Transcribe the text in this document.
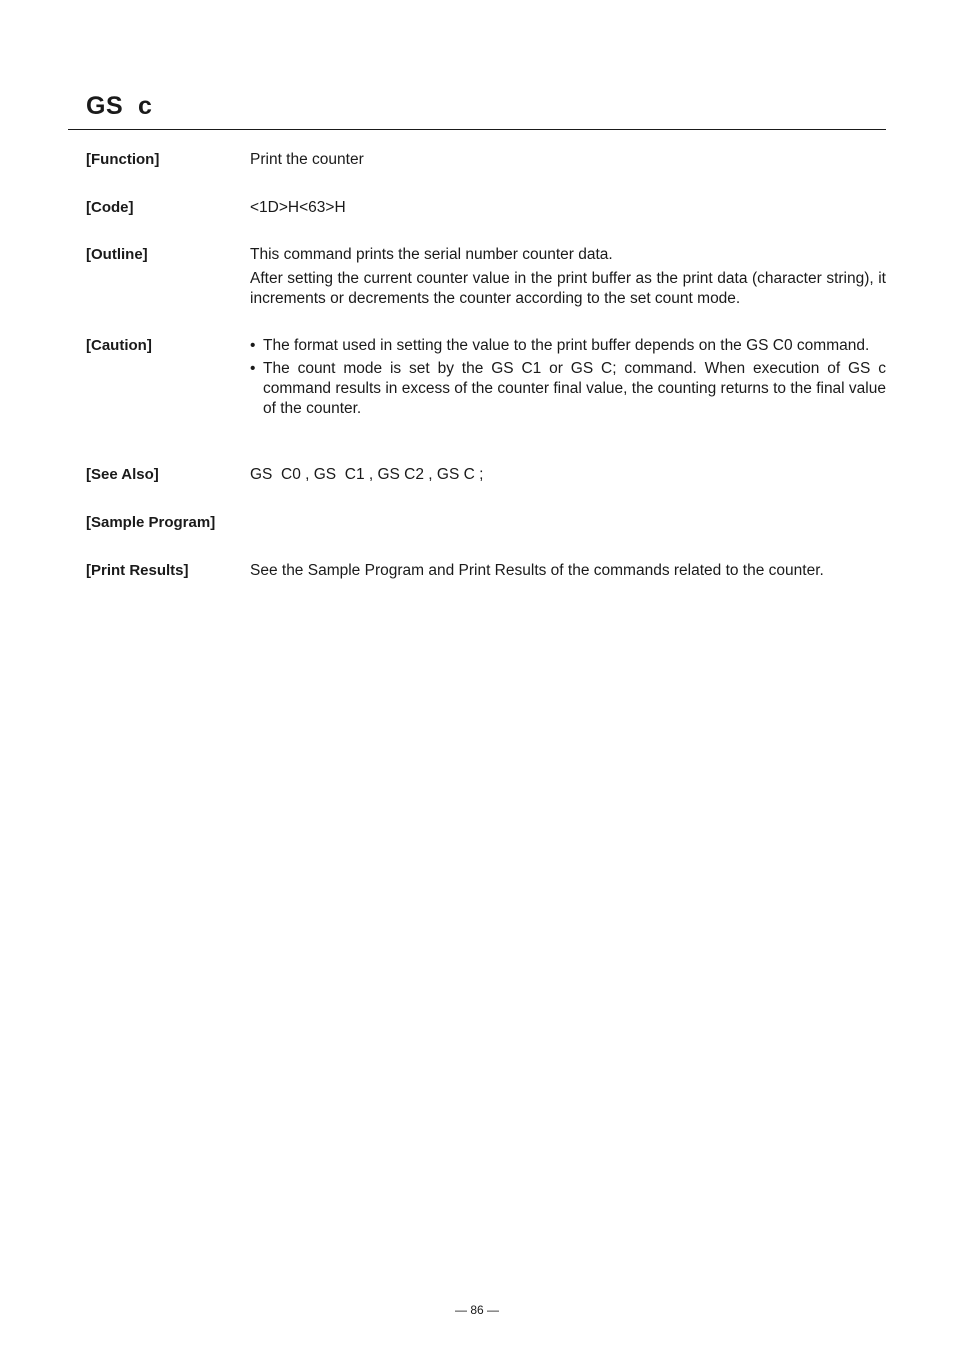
GS  c
[Function]	Print the counter
[Code]	<1D>H<63>H
[Outline]	This command prints the serial number counter data.

After setting the current counter value in the print buffer as the print data (character string), it increments or decrements the counter according to the set count mode.

[Caution]	• The format used in setting the value to the print buffer depends on the GS C0 command.
• The count mode is set by the GS C1 or GS C; command. When execution of GS c command results in excess of the counter final value, the counting returns to the final value of the counter.
[See Also]	GS  C0 , GS  C1 , GS C2 , GS C ;
[Sample Program]
[Print Results]	See the Sample Program and Print Results of the commands related to the counter.
— 86 —
